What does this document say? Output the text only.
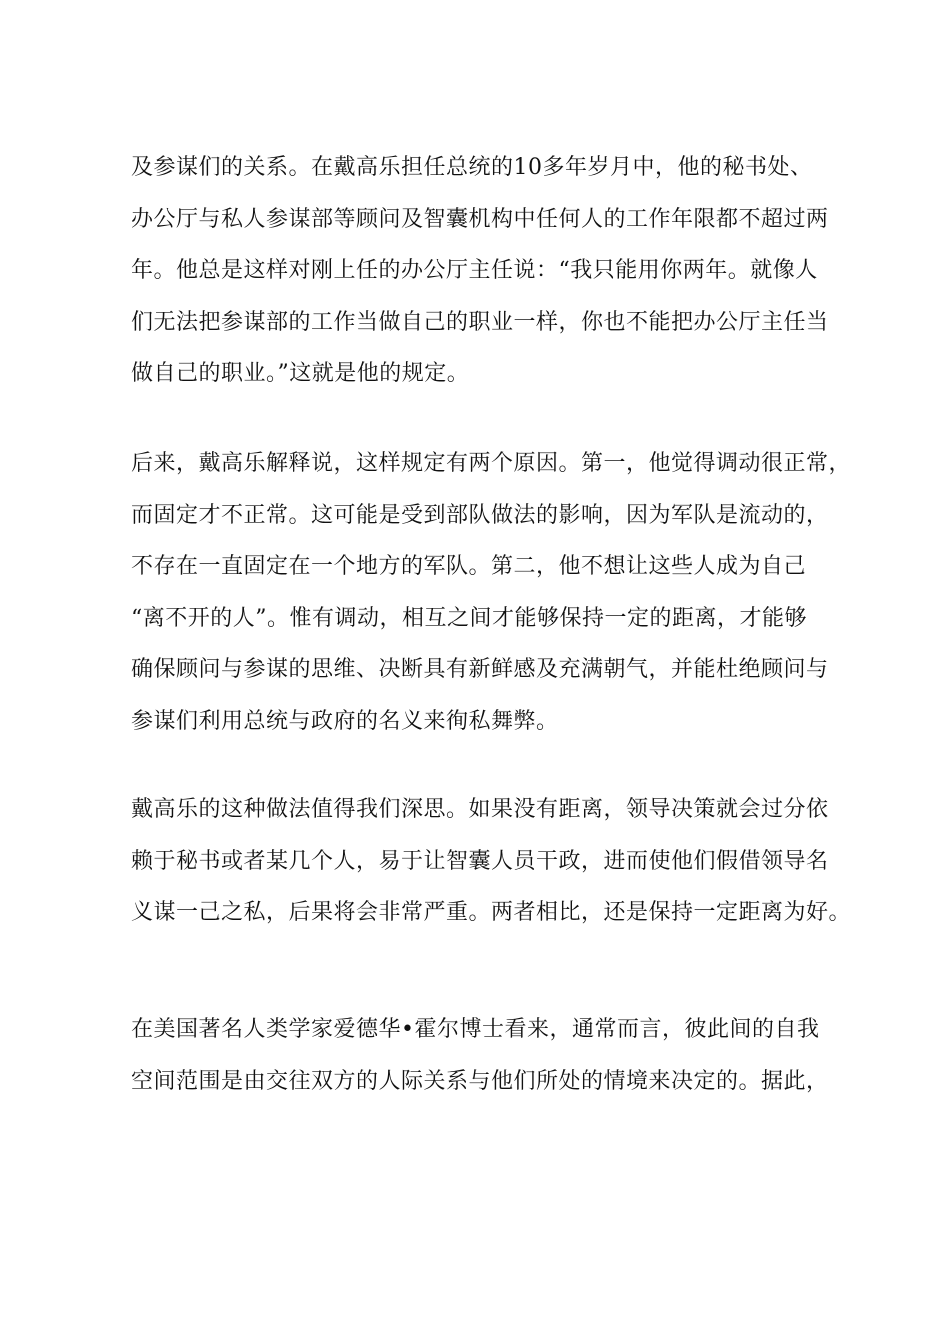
及参谋们的关系。在戴高乐担任总统的10多年岁月中，他的秘书处、
办公厅与私人参谋部等顾问及智囊机构中任何人的工作年限都不超过两
年。他总是这样对刚上任的办公厅主任说：“我只能用你两年。就像人
们无法把参谋部的工作当做自己的职业一样，你也不能把办公厅主任当
做自己的职业。”这就是他的规定。
后来，戴高乐解释说，这样规定有两个原因。第一，他觉得调动很正常，
而固定才不正常。这可能是受到部队做法的影响，因为军队是流动的，
不存在一直固定在一个地方的军队。第二，他不想让这些人成为自己
“离不开的人”。惟有调动，相互之间才能够保持一定的距离，才能够
确保顾问与参谋的思维、决断具有新鲜感及充满朝气，并能杜绝顾问与
参谋们利用总统与政府的名义来徇私舞弊。
戴高乐的这种做法值得我们深思。如果没有距离，领导决策就会过分依
赖于秘书或者某几个人，易于让智囊人员干政，进而使他们假借领导名
义谋一己之私，后果将会非常严重。两者相比，还是保持一定距离为好。
在美国著名人类学家爱德华•霍尔博士看来，通常而言，彼此间的自我
空间范围是由交往双方的人际关系与他们所处的情境来决定的。据此，
